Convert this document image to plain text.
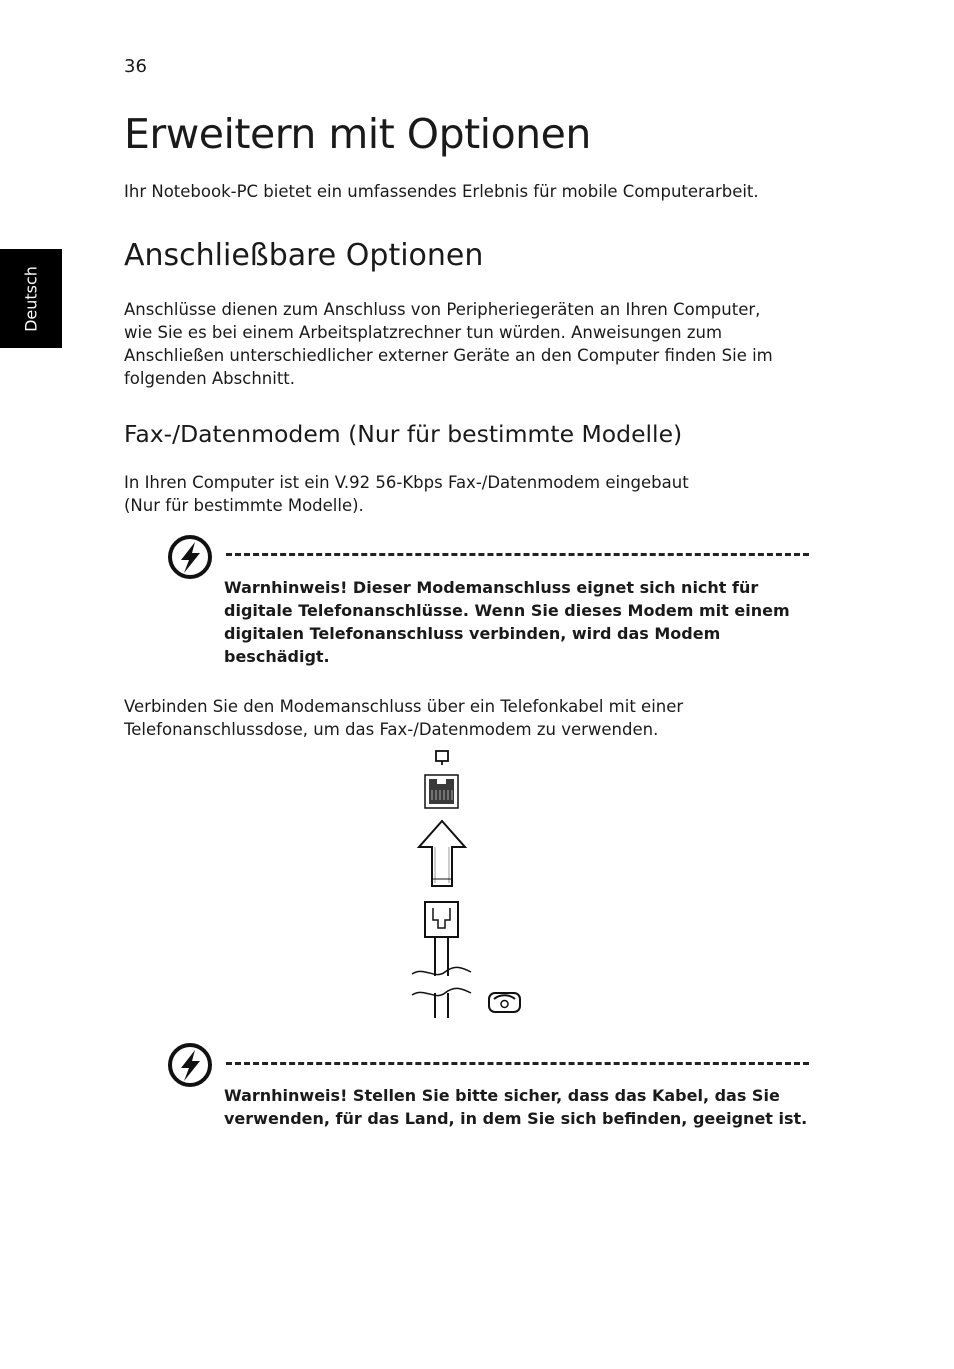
36
Deutsch
Erweitern mit Optionen

Ihr Notebook-PC bietet ein umfassendes Erlebnis für mobile Computerarbeit.

Anschließbare Optionen

Anschlüsse dienen zum Anschluss von Peripheriegeräten an Ihren Computer,
wie Sie es bei einem Arbeitsplatzrechner tun würden. Anweisungen zum
Anschließen unterschiedlicher externer Geräte an den Computer finden Sie im
folgenden Abschnitt.

Fax-/Datenmodem (Nur für bestimmte Modelle)

In Ihren Computer ist ein V.92 56-Kbps Fax-/Datenmodem eingebaut
(Nur für bestimmte Modelle).

Warnhinweis! Dieser Modemanschluss eignet sich nicht für
digitale Telefonanschlüsse. Wenn Sie dieses Modem mit einem
digitalen Telefonanschluss verbinden, wird das Modem
beschädigt.

Verbinden Sie den Modemanschluss über ein Telefonkabel mit einer
Telefonanschlussdose, um das Fax-/Datenmodem zu verwenden.

Warnhinweis! Stellen Sie bitte sicher, dass das Kabel, das Sie
verwenden, für das Land, in dem Sie sich befinden, geeignet ist.
